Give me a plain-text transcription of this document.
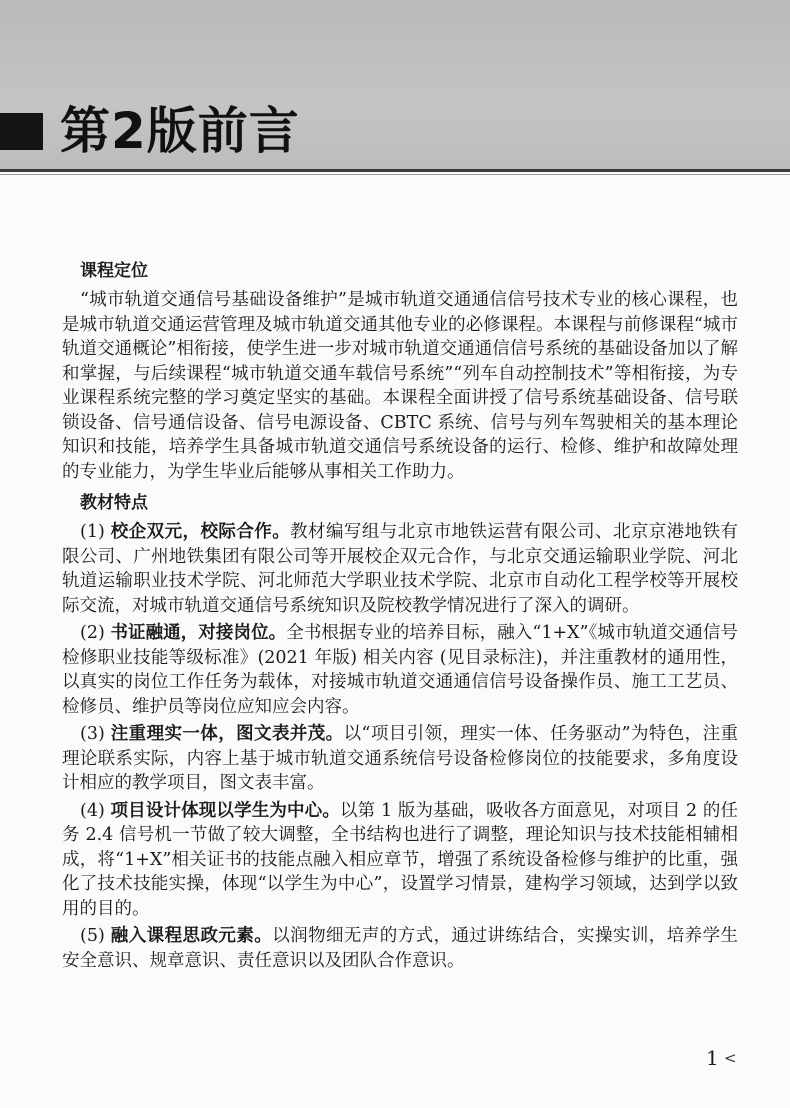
第2版前言
课程定位

“城市轨道交通信号基础设备维护”是城市轨道交通通信信号技术专业的核心课程，也是城市轨道交通运营管理及城市轨道交通其他专业的必修课程。本课程与前修课程“城市轨道交通概论”相衔接，使学生进一步对城市轨道交通通信信号系统的基础设备加以了解和掌握，与后续课程“城市轨道交通车载信号系统”“列车自动控制技术”等相衔接，为专业课程系统完整的学习奠定坚实的基础。本课程全面讲授了信号系统基础设备、信号联锁设备、信号通信设备、信号电源设备、CBTC 系统、信号与列车驾驶相关的基本理论知识和技能，培养学生具备城市轨道交通信号系统设备的运行、检修、维护和故障处理的专业能力，为学生毕业后能够从事相关工作助力。

教材特点

(1) 校企双元，校际合作。教材编写组与北京市地铁运营有限公司、北京京港地铁有限公司、广州地铁集团有限公司等开展校企双元合作，与北京交通运输职业学院、河北轨道运输职业技术学院、河北师范大学职业技术学院、北京市自动化工程学校等开展校际交流，对城市轨道交通信号系统知识及院校教学情况进行了深入的调研。

(2) 书证融通，对接岗位。全书根据专业的培养目标，融入“1+X”《城市轨道交通信号检修职业技能等级标准》(2021 年版) 相关内容 (见目录标注)，并注重教材的通用性，以真实的岗位工作任务为载体，对接城市轨道交通通信信号设备操作员、施工工艺员、检修员、维护员等岗位应知应会内容。

(3) 注重理实一体，图文表并茂。以“项目引领，理实一体、任务驱动”为特色，注重理论联系实际，内容上基于城市轨道交通系统信号设备检修岗位的技能要求，多角度设计相应的教学项目，图文表丰富。

(4) 项目设计体现以学生为中心。以第 1 版为基础，吸收各方面意见，对项目 2 的任务 2.4 信号机一节做了较大调整，全书结构也进行了调整，理论知识与技术技能相辅相成，将“1+X”相关证书的技能点融入相应章节，增强了系统设备检修与维护的比重，强化了技术技能实操，体现“以学生为中心”，设置学习情景，建构学习领域，达到学以致用的目的。

(5) 融入课程思政元素。以润物细无声的方式，通过讲练结合，实操实训，培养学生安全意识、规章意识、责任意识以及团队合作意识。

1 <
